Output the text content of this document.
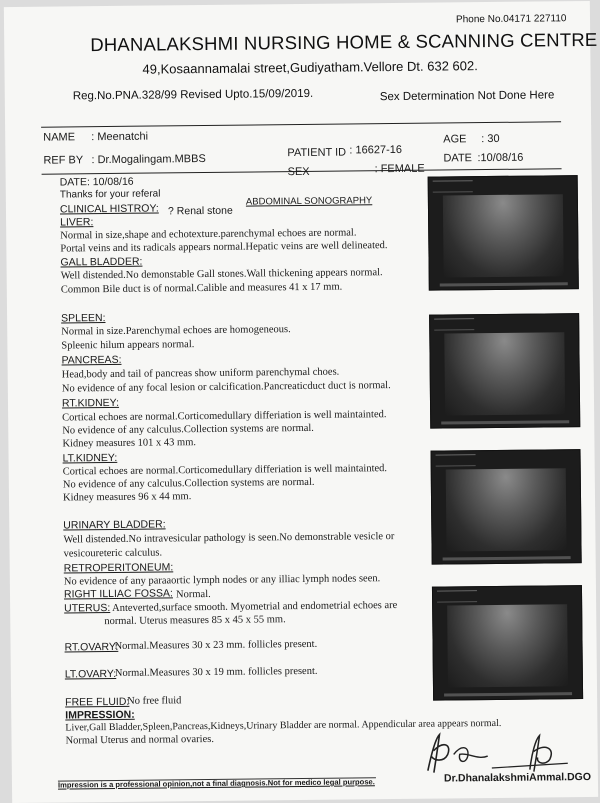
Phone No.04171 227110
DHANALAKSHMI NURSING HOME & SCANNING CENTRE
49,Kosaannamalai street,Gudiyatham.Vellore Dt. 632 602.
Reg.No.PNA.328/99 Revised Upto.15/09/2019.	Sex Determination Not Done Here
NAME : Meenatchi
REF BY : Dr.Mogalingam.MBBS
PATIENT ID : 16627-16
SEX	: FEMALE
AGE : 30
DATE :10/08/16
DATE: 10/08/16
Thanks for your referal
CLINICAL HISTROY: ? Renal stone
ABDOMINAL SONOGRAPHY
LIVER:
Normal in size,shape and echotexture.parenchymal echoes are normal.
Portal veins and its radicals appears normal.Hepatic veins are well delineated.
GALL BLADDER:
Well distended.No demonstable Gall stones.Wall thickening appears normal.
Common Bile duct is of normal.Calible and measures 41 x 17 mm.
SPLEEN:
Normal in size.Parenchymal echoes are homogeneous.
Spleenic hilum appears normal.
PANCREAS:
Head,body and tail of pancreas show uniform parenchymal choes.
No evidence of any focal lesion or calcification.Pancreaticduct duct is normal.
RT.KIDNEY:
Cortical echoes are normal.Corticomedullary differiation is well maintainted.
No evidence of any calculus.Collection systems are normal.
Kidney measures 101 x 43 mm.
LT.KIDNEY:
Cortical echoes are normal.Corticomedullary differiation is well maintainted.
No evidence of any calculus.Collection systems are normal.
Kidney measures 96 x 44 mm.
URINARY BLADDER:
Well distended.No intravesicular pathology is seen.No demonstrable vesicle or
vesicoureteric calculus.
RETROPERITONEUM:
No evidence of any paraaortic lymph nodes or any illiac lymph nodes seen.
RIGHT ILLIAC FOSSA: Normal.
UTERUS: Anteverted,surface smooth. Myometrial and endometrial echoes are
normal. Uterus measures 85 x 45 x 55 mm.
RT.OVARY:
Normal.Measures 30 x 23 mm. follicles present.
LT.OVARY:
Normal.Measures 30 x 19 mm. follicles present.
FREE FLUID:
No free fluid
IMPRESSION:
Liver,Gall Bladder,Spleen,Pancreas,Kidneys,Urinary Bladder are normal. Appendicular area appears normal.
Normal Uterus and normal ovaries.
Impression is a professional opinion,not a final diagnosis.Not for medico legal purpose.	Dr.DhanalakshmiAmmal.DGO
